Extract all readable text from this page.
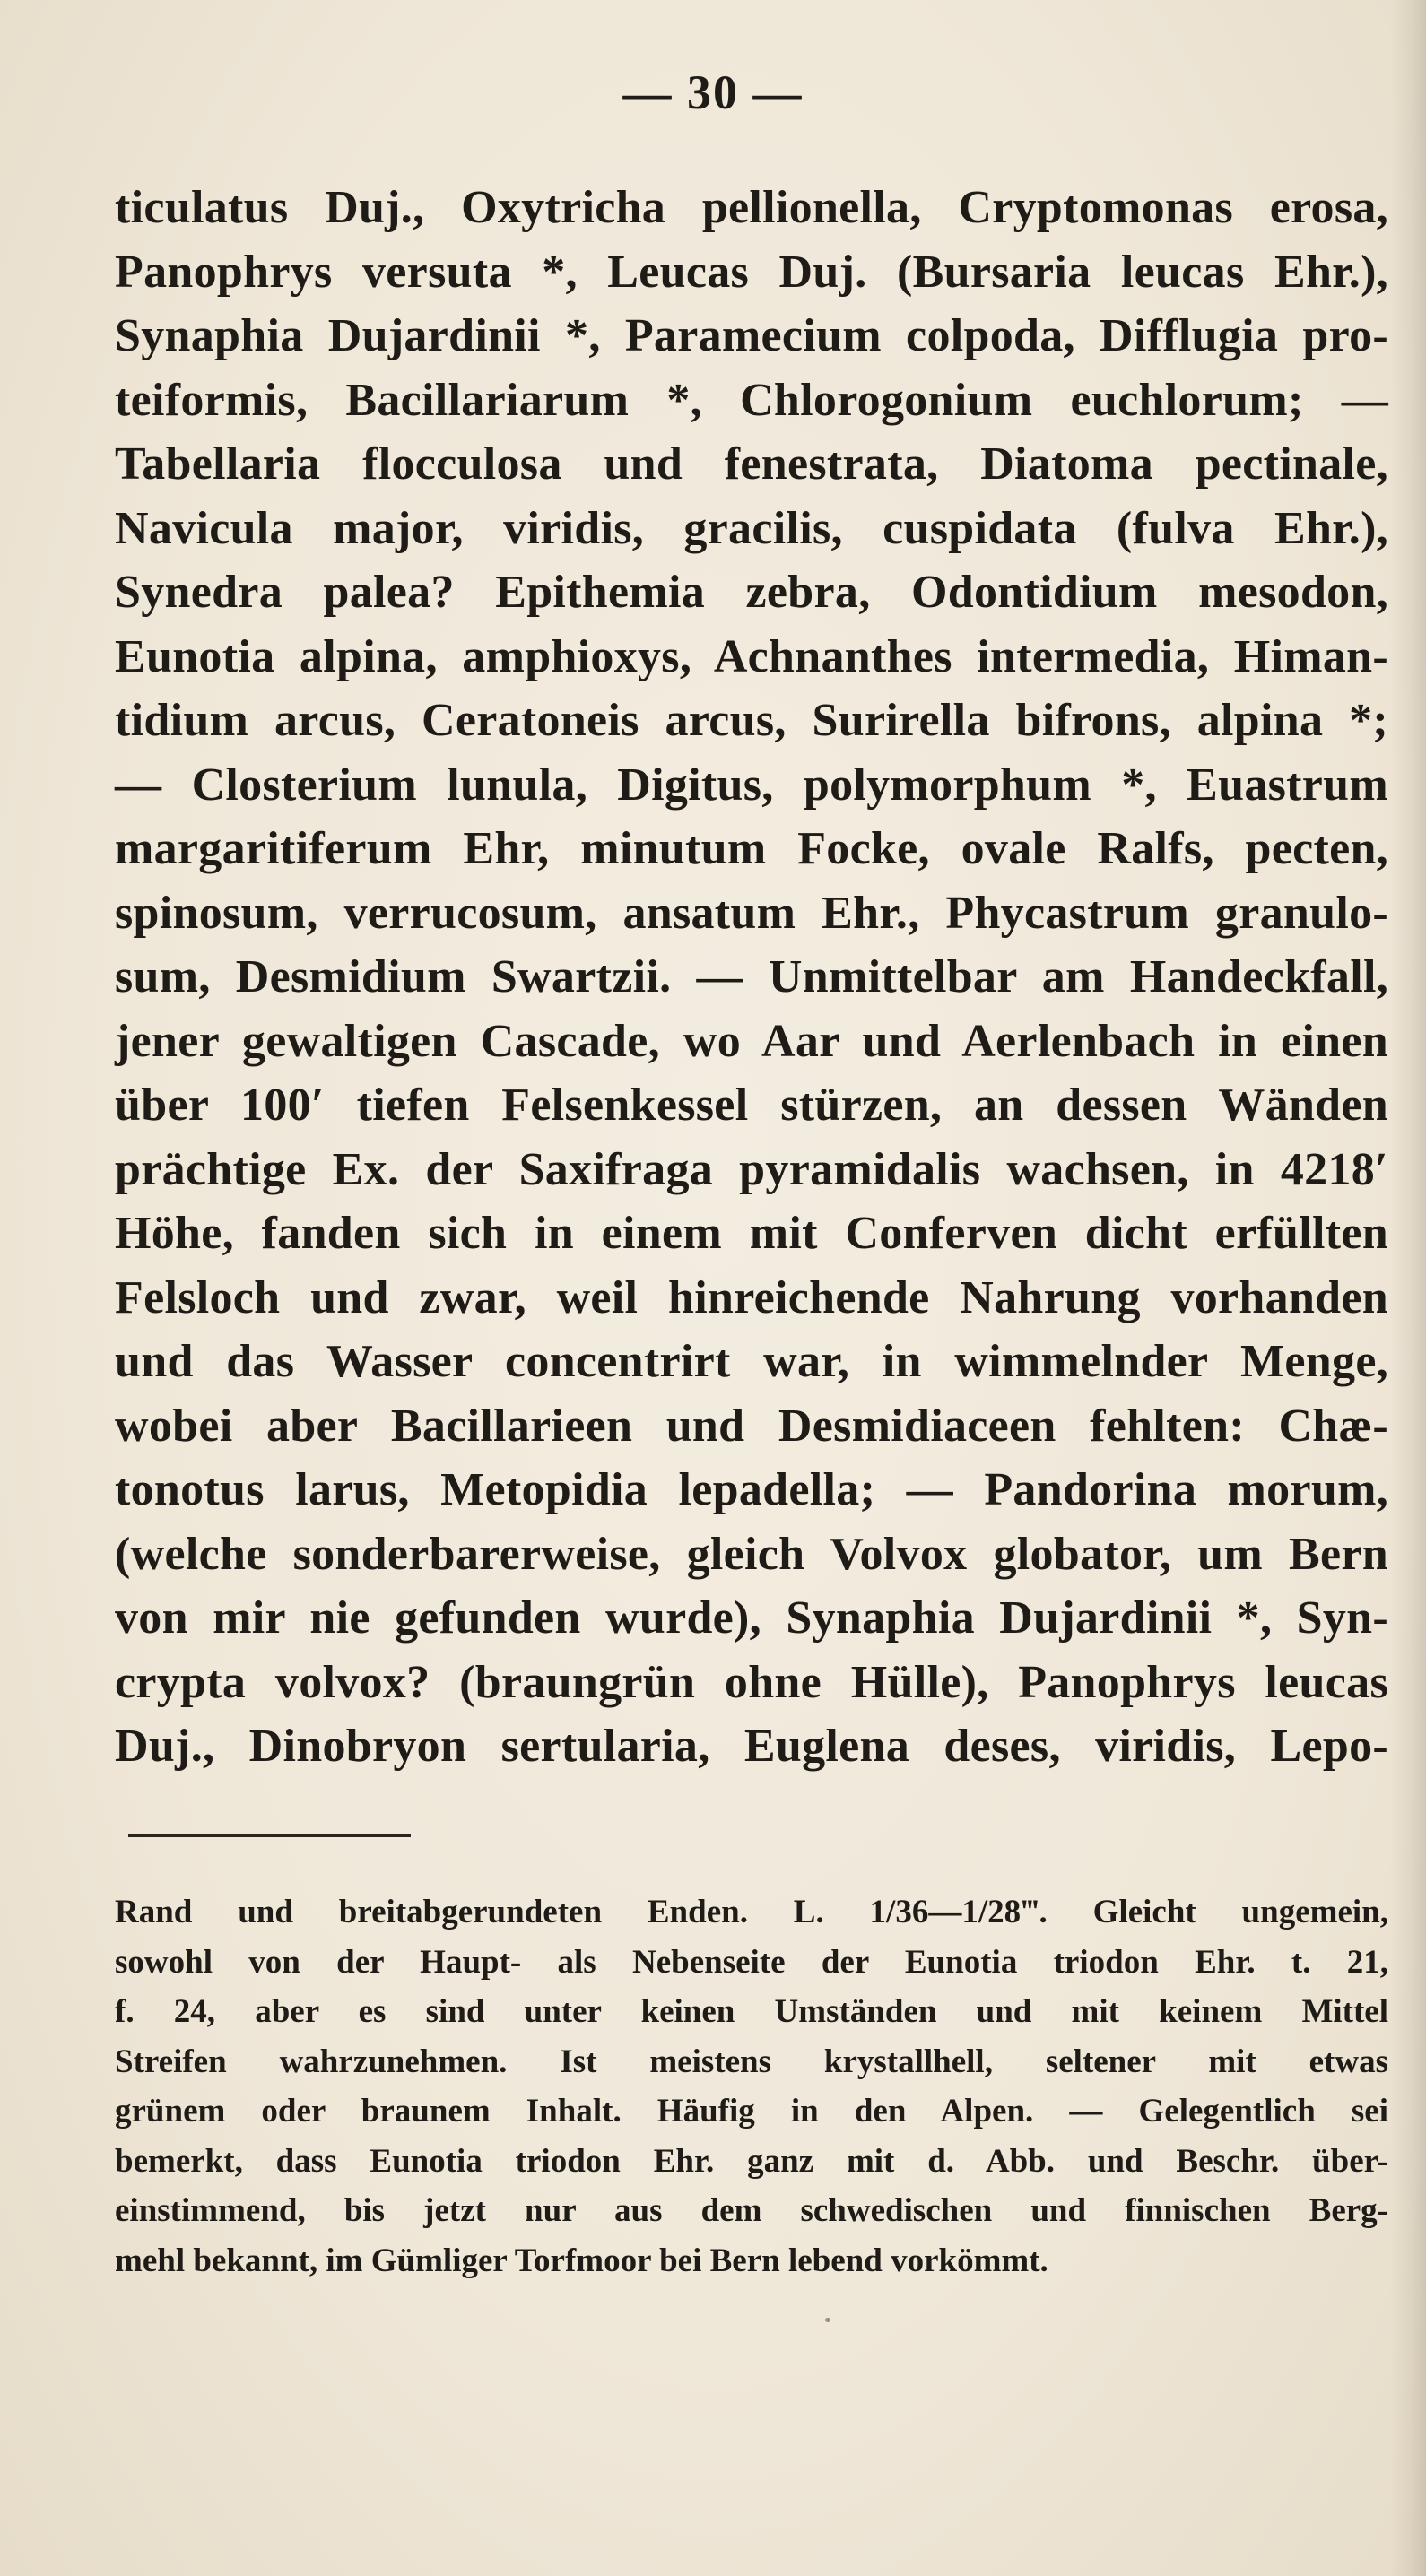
— 30 —
ticulatus Duj., Oxytricha pellionella, Cryptomonas erosa,
Panophrys versuta *, Leucas Duj. (Bursaria leucas Ehr.),
Synaphia Dujardinii *, Paramecium colpoda, Difflugia pro-
teiformis, Bacillariarum *, Chlorogonium euchlorum; —
Tabellaria flocculosa und fenestrata, Diatoma pectinale,
Navicula major, viridis, gracilis, cuspidata (fulva Ehr.),
Synedra palea? Epithemia zebra, Odontidium mesodon,
Eunotia alpina, amphioxys, Achnanthes intermedia, Himan-
tidium arcus, Ceratoneis arcus, Surirella bifrons, alpina *;
— Closterium lunula, Digitus, polymorphum *, Euastrum
margaritiferum Ehr, minutum Focke, ovale Ralfs, pecten,
spinosum, verrucosum, ansatum Ehr., Phycastrum granulo-
sum, Desmidium Swartzii. — Unmittelbar am Handeckfall,
jener gewaltigen Cascade, wo Aar und Aerlenbach in einen
über 100′ tiefen Felsenkessel stürzen, an dessen Wänden
prächtige Ex. der Saxifraga pyramidalis wachsen, in 4218′
Höhe, fanden sich in einem mit Conferven dicht erfüllten
Felsloch und zwar, weil hinreichende Nahrung vorhanden
und das Wasser concentrirt war, in wimmelnder Menge,
wobei aber Bacillarieen und Desmidiaceen fehlten: Chæ-
tonotus larus, Metopidia lepadella; — Pandorina morum,
(welche sonderbarerweise, gleich Volvox globator, um Bern
von mir nie gefunden wurde), Synaphia Dujardinii *, Syn-
crypta volvox? (braungrün ohne Hülle), Panophrys leucas
Duj., Dinobryon sertularia, Euglena deses, viridis, Lepo-
Rand und breitabgerundeten Enden. L. 1/36—1/28‴. Gleicht ungemein,
sowohl von der Haupt- als Nebenseite der Eunotia triodon Ehr. t. 21,
f. 24, aber es sind unter keinen Umständen und mit keinem Mittel
Streifen wahrzunehmen. Ist meistens krystallhell, seltener mit etwas
grünem oder braunem Inhalt. Häufig in den Alpen. — Gelegentlich sei
bemerkt, dass Eunotia triodon Ehr. ganz mit d. Abb. und Beschr. über-
einstimmend, bis jetzt nur aus dem schwedischen und finnischen Berg-
mehl bekannt, im Gümliger Torfmoor bei Bern lebend vorkömmt.
